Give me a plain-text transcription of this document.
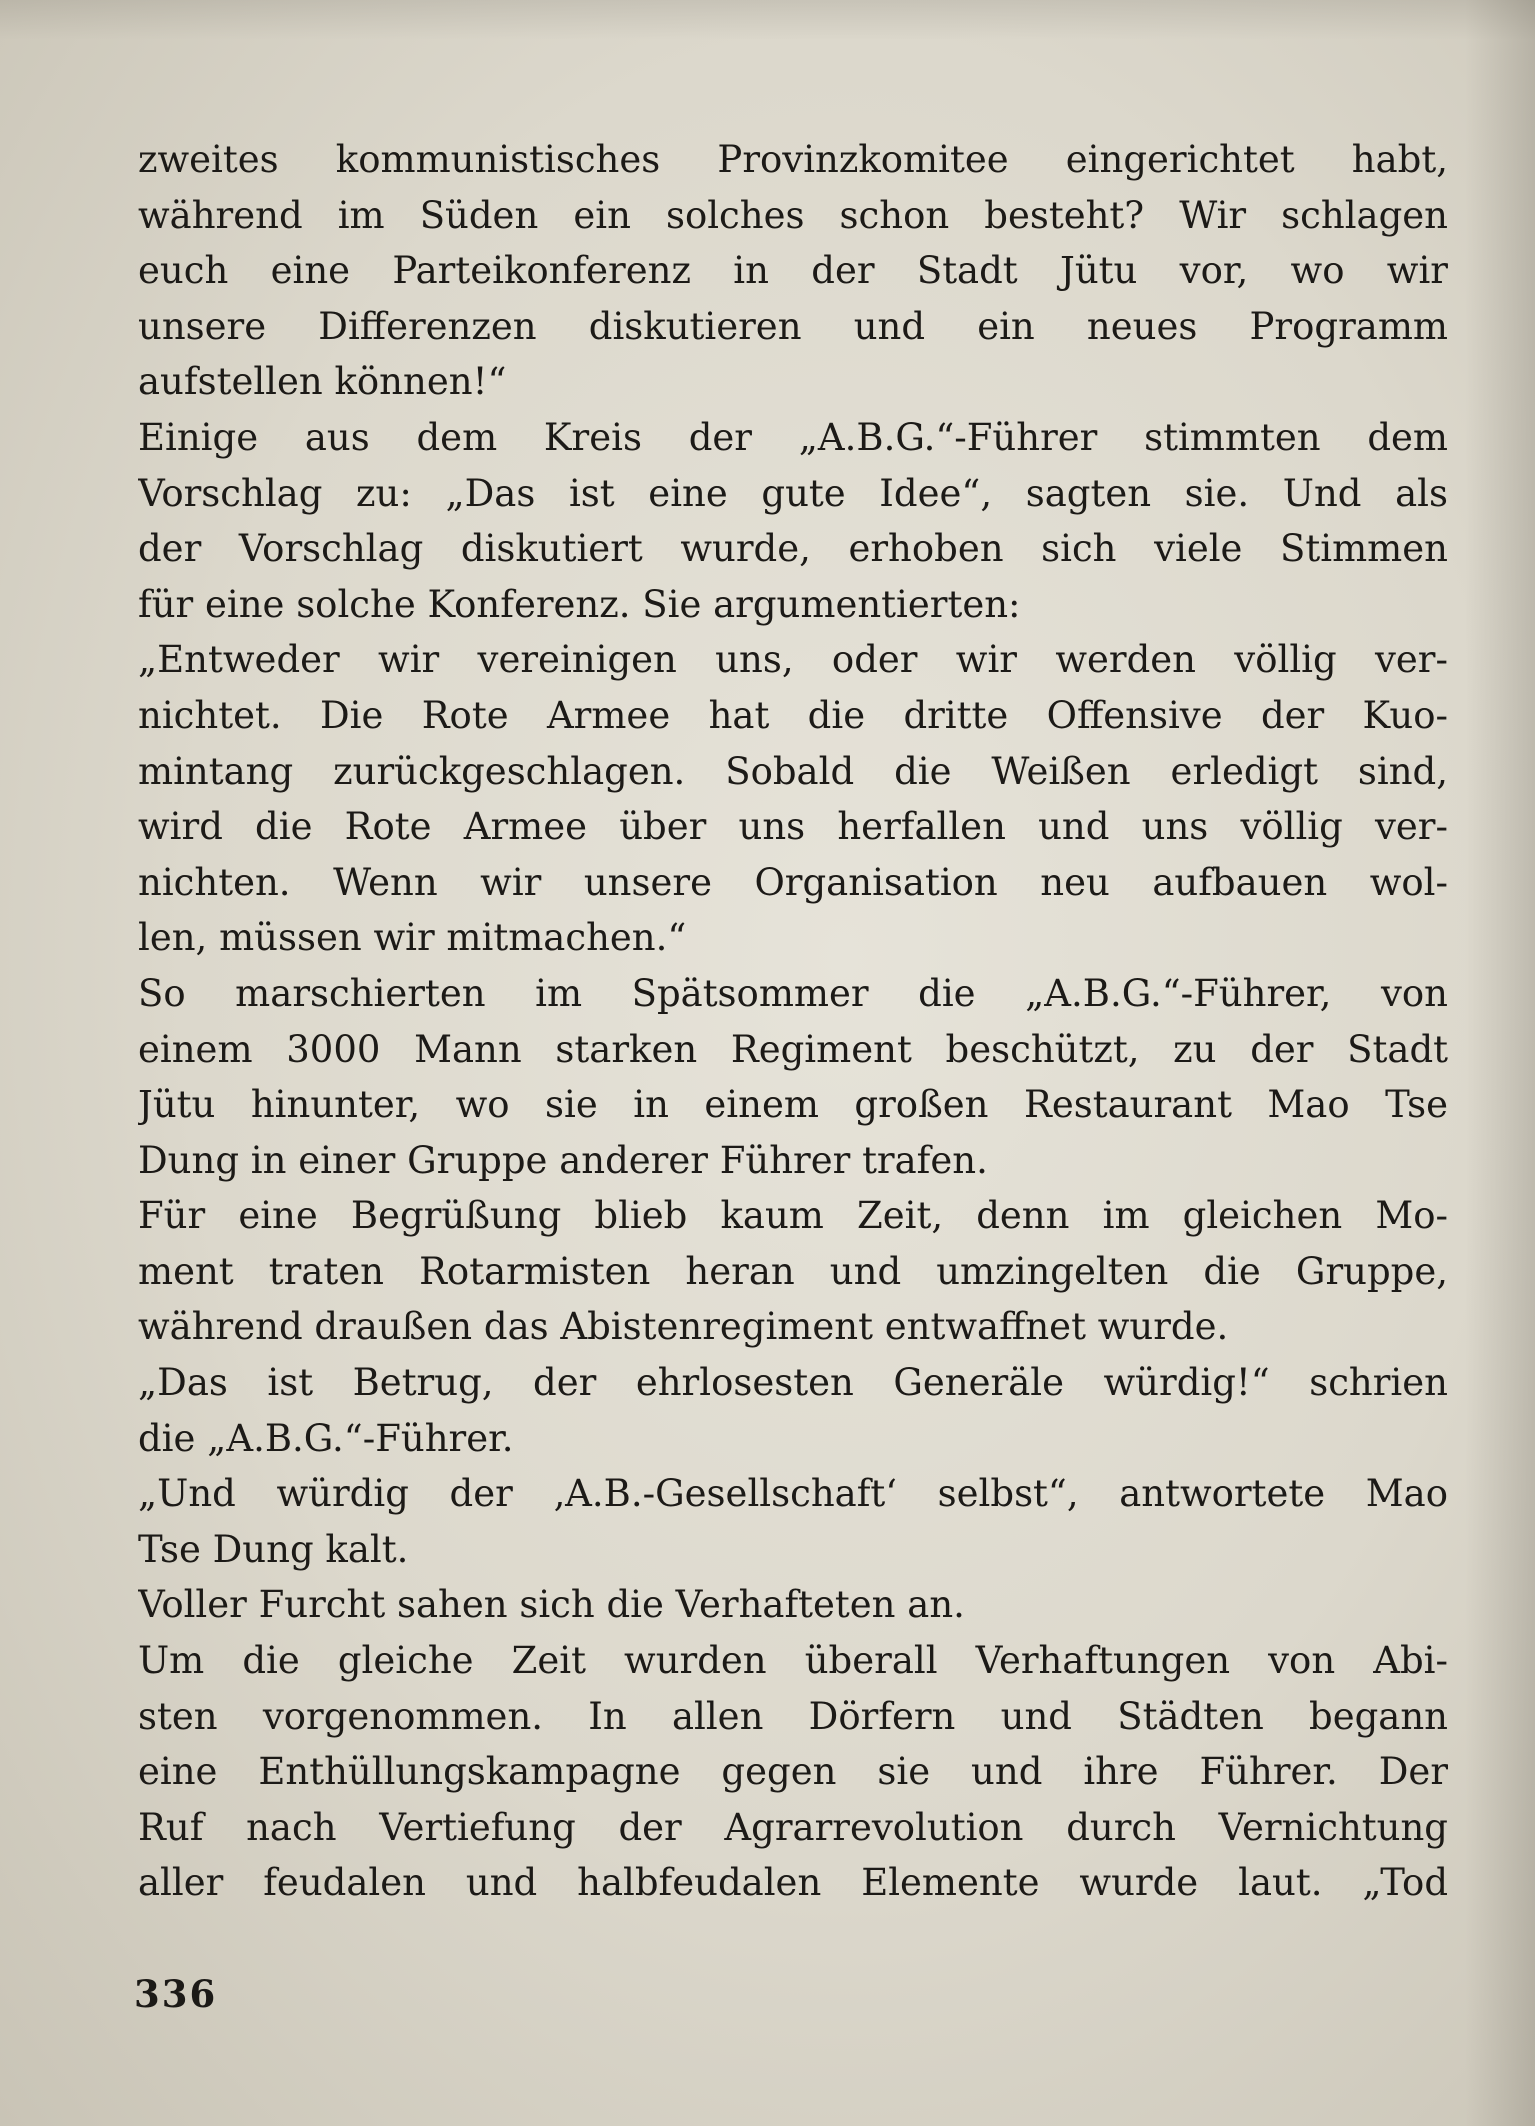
zweites kommunistisches Provinzkomitee eingerichtet habt,
während im Süden ein solches schon besteht? Wir schlagen
euch eine Parteikonferenz in der Stadt Jütu vor, wo wir
unsere Differenzen diskutieren und ein neues Programm
aufstellen können!“
Einige aus dem Kreis der „A.B.G.“-Führer stimmten dem
Vorschlag zu: „Das ist eine gute Idee“, sagten sie. Und als
der Vorschlag diskutiert wurde, erhoben sich viele Stimmen
für eine solche Konferenz. Sie argumentierten:
„Entweder wir vereinigen uns, oder wir werden völlig ver-
nichtet. Die Rote Armee hat die dritte Offensive der Kuo-
mintang zurückgeschlagen. Sobald die Weißen erledigt sind,
wird die Rote Armee über uns herfallen und uns völlig ver-
nichten. Wenn wir unsere Organisation neu aufbauen wol-
len, müssen wir mitmachen.“
So marschierten im Spätsommer die „A.B.G.“-Führer, von
einem 3000 Mann starken Regiment beschützt, zu der Stadt
Jütu hinunter, wo sie in einem großen Restaurant Mao Tse
Dung in einer Gruppe anderer Führer trafen.
Für eine Begrüßung blieb kaum Zeit, denn im gleichen Mo-
ment traten Rotarmisten heran und umzingelten die Gruppe,
während draußen das Abistenregiment entwaffnet wurde.
„Das ist Betrug, der ehrlosesten Generäle würdig!“ schrien
die „A.B.G.“-Führer.
„Und würdig der ‚A.B.-Gesellschaft‘ selbst“, antwortete Mao
Tse Dung kalt.
Voller Furcht sahen sich die Verhafteten an.
Um die gleiche Zeit wurden überall Verhaftungen von Abi-
sten vorgenommen. In allen Dörfern und Städten begann
eine Enthüllungskampagne gegen sie und ihre Führer. Der
Ruf nach Vertiefung der Agrarrevolution durch Vernichtung
aller feudalen und halbfeudalen Elemente wurde laut. „Tod
336
